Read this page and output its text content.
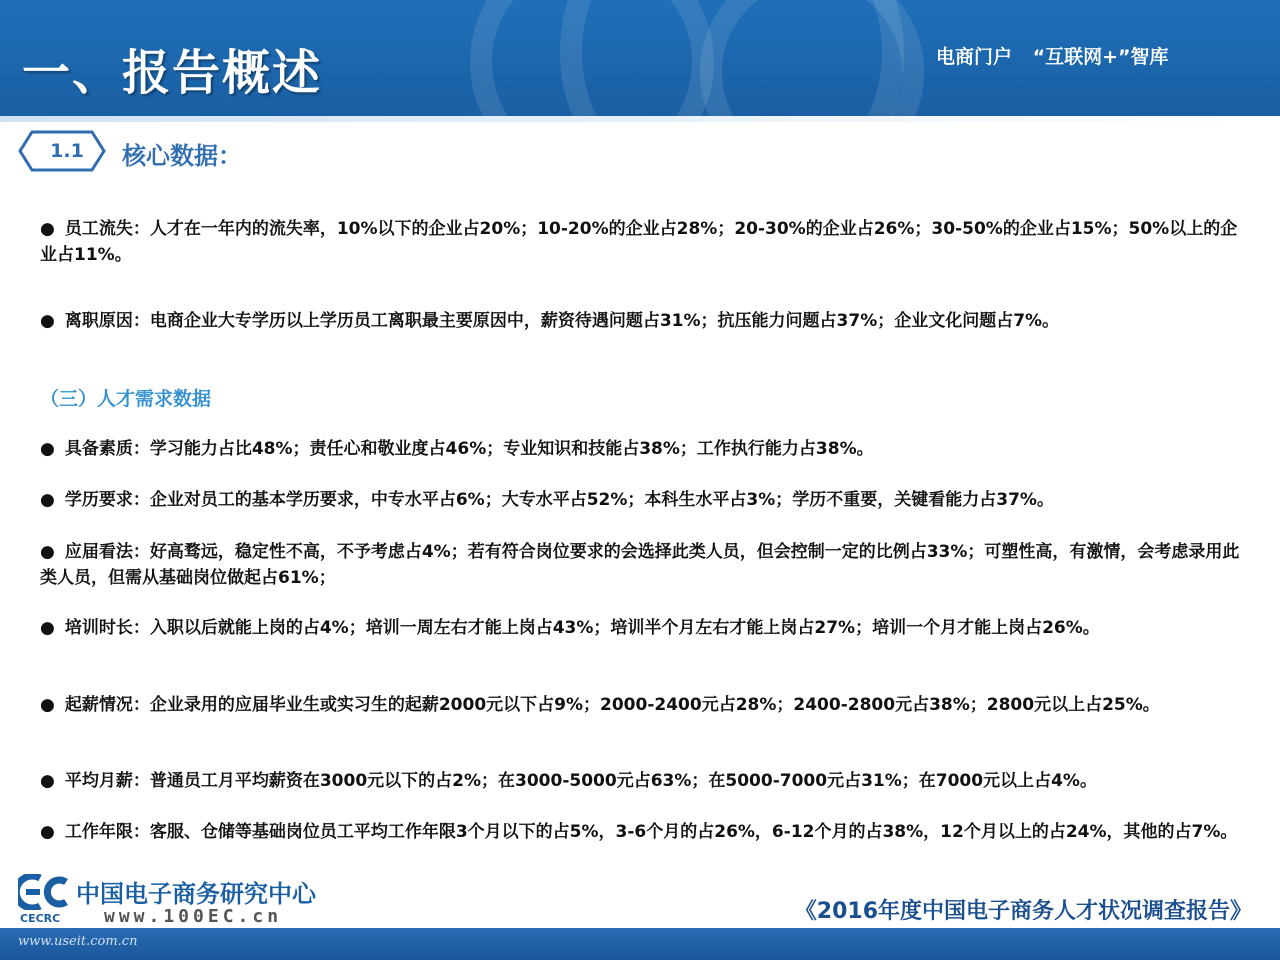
一、报告概述	电商门户 “互联网+”智库
1.1 核心数据：
● 员工流失：人才在一年内的流失率，10%以下的企业占20%；10-20%的企业占28%；20-30%的企业占26%；30-50%的企业占15%；50%以上的企业占11%。
● 离职原因：电商企业大专学历以上学历员工离职最主要原因中，薪资待遇问题占31%；抗压能力问题占37%；企业文化问题占7%。
（三）人才需求数据
● 具备素质：学习能力占比48%；责任心和敬业度占46%；专业知识和技能占38%；工作执行能力占38%。
● 学历要求：企业对员工的基本学历要求，中专水平占6%；大专水平占52%；本科生水平占3%；学历不重要，关键看能力占37%。
● 应届看法：好高骛远，稳定性不高，不予考虑占4%；若有符合岗位要求的会选择此类人员，但会控制一定的比例占33%；可塑性高，有激情，会考虑录用此类人员，但需从基础岗位做起占61%；
● 培训时长：入职以后就能上岗的占4%；培训一周左右才能上岗占43%；培训半个月左右才能上岗占27%；培训一个月才能上岗占26%。
● 起薪情况：企业录用的应届毕业生或实习生的起薪2000元以下占9%；2000-2400元占28%；2400-2800元占38%；2800元以上占25%。
● 平均月薪：普通员工月平均薪资在3000元以下的占2%；在3000-5000元占63%；在5000-7000元占31%；在7000元以上占4%。
● 工作年限：客服、仓储等基础岗位员工平均工作年限3个月以下的占5%，3-6个月的占26%，6-12个月的占38%，12个月以上的占24%，其他的占7%。
CECRC
中国电子商务研究中心
www.100EC.cn	《2016年度中国电子商务人才状况调查报告》
www.useit.com.cn
